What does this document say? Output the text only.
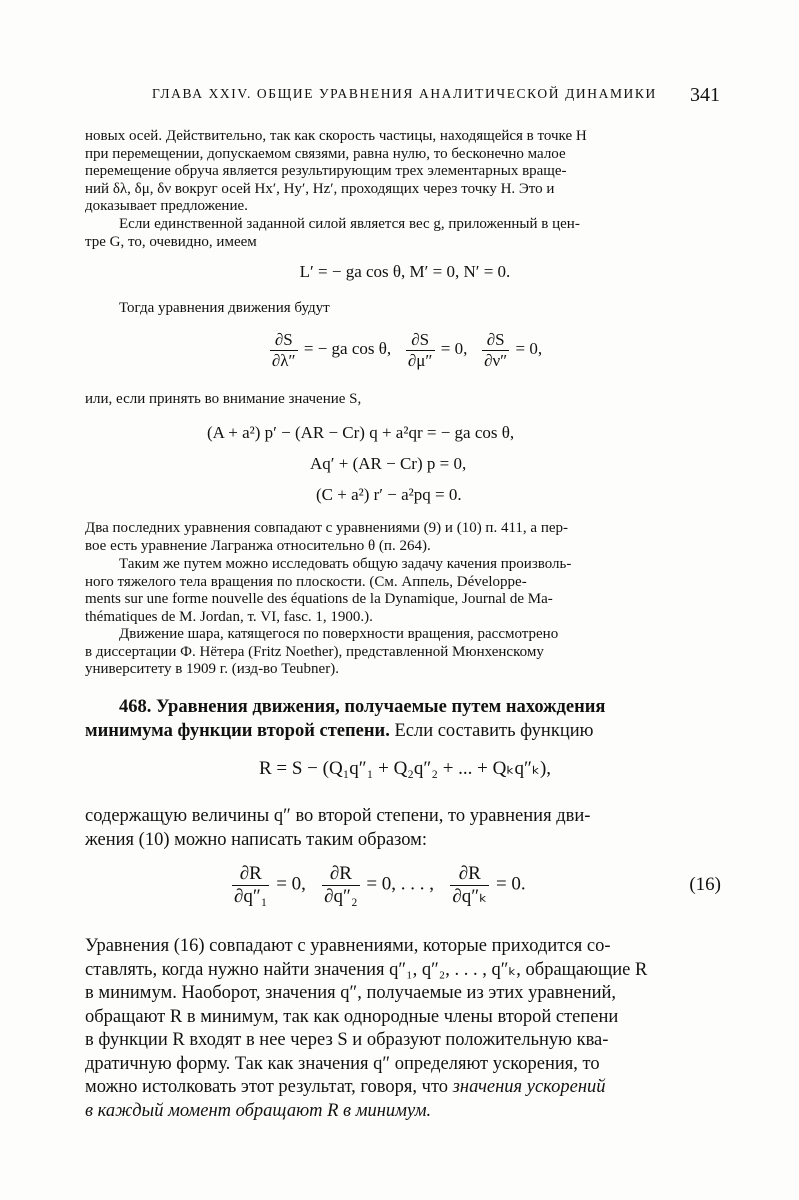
ГЛАВА XXIV. ОБЩИЕ УРАВНЕНИЯ АНАЛИТИЧЕСКОЙ ДИНАМИКИ 341
новых осей. Действительно, так как скорость частицы, находящейся в точке H
при перемещении, допускаемом связями, равна нулю, то бесконечно малое
перемещение обруча является результирующим трех элементарных враще-
ний δλ, δμ, δν вокруг осей Hx′, Hy′, Hz′, проходящих через точку H. Это и
доказывает предложение.
Если единственной заданной силой является вес g, приложенный в цен-
тре G, то, очевидно, имеем
L′ = − ga cos θ, M′ = 0, N′ = 0.
Тогда уравнения движения будут
$\frac{\partial S}{\partial\lambda''}$ = − ga cos θ, $\frac{\partial S}{\partial\mu''} = 0$, $\frac{\partial S}{\partial\nu''} = 0$,
или, если принять во внимание значение S,
(A + a²) p′ − (AR − Cr) q + a²qr = − ga cos θ,
Aq′ + (AR − Cr) p = 0,
(C + a²) r′ − a²pq = 0.
Два последних уравнения совпадают с уравнениями (9) и (10) п. 411, а пер-
вое есть уравнение Лагранжа относительно θ (п. 264).
Таким же путем можно исследовать общую задачу качения произволь-
ного тяжелого тела вращения по плоскости. (См. Аппель, Développe-
ments sur une forme nouvelle des équations de la Dynamique, Journal de Ma-
thématiques de M. Jordan, т. VI, fasc. 1, 1900.).
Движение шара, катящегося по поверхности вращения, рассмотрено
в диссертации Ф. Нётера (Fritz Noether), представленной Мюнхенскому
университету в 1909 г. (изд-во Teubner).
468. Уравнения движения, получаемые путем нахождения
минимума функции второй степени. Если составить функцию
R = S − (Q₁q″₁ + Q₂q″₂ + ... + Qₖq″ₖ),
содержащую величины q″ во второй степени, то уравнения дви-
жения (10) можно написать таким образом:
$\frac{\partial R}{\text{∂q″₁}} = 0$, $\frac{\partial R}{\text{∂q″₂}} = 0$, . . . , $\frac{\partial R}{\text{∂q″ₖ}} = 0$.	(16)
Уравнения (16) совпадают с уравнениями, которые приходится со-
ставлять, когда нужно найти значения q″₁, q″₂, . . . , q″ₖ, обращающие R
в минимум. Наоборот, значения q″, получаемые из этих уравнений,
обращают R в минимум, так как однородные члены второй степени
в функции R входят в нее через S и образуют положительную ква-
дратичную форму. Так как значения q″ определяют ускорения, то
можно истолковать этот результат, говоря, что значения ускорений
в каждый момент обращают R в минимум.
